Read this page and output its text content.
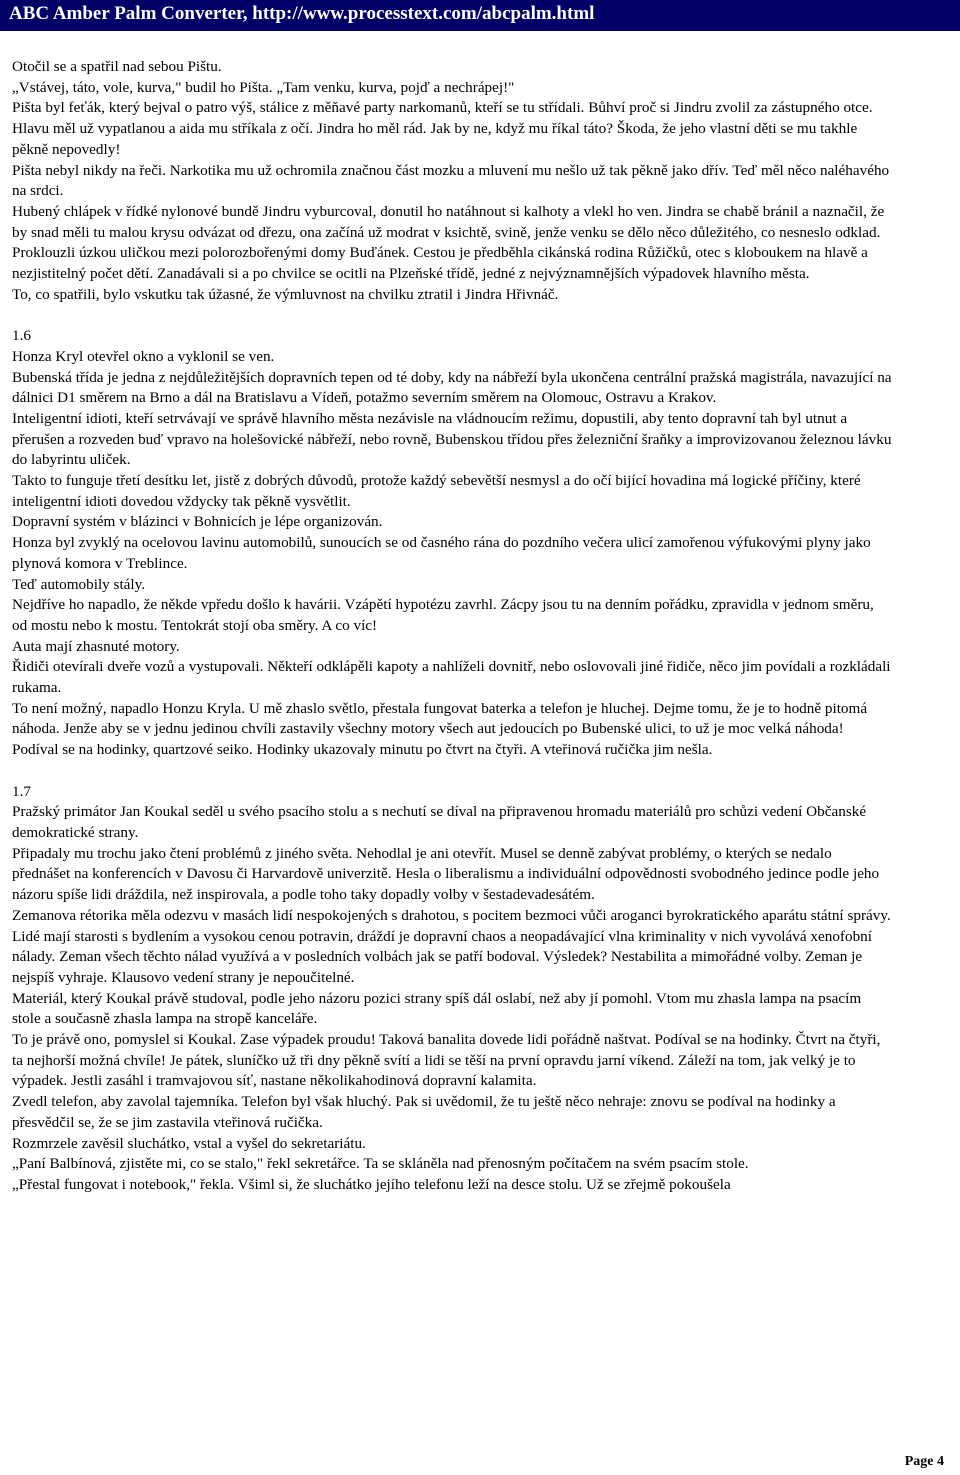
ABC Amber Palm Converter, http://www.processtext.com/abcpalm.html

Otočil se a spatřil nad sebou Pištu.

„Vstávej, táto, vole, kurva," budil ho Pišta. „Tam venku, kurva, pojď a nechrápej!"

Pišta byl feťák, který bejval o patro výš, stálice z měňavé party narkomanů, kteří se tu střídali. Bůhví proč si Jindru zvolil za zástupného otce.

Hlavu měl už vypatlanou a aida mu stříkala z očí. Jindra ho měl rád. Jak by ne, když mu říkal táto? Škoda, že jeho vlastní děti se mu takhle pěkně nepovedly!

Pišta nebyl nikdy na řeči. Narkotika mu už ochromila značnou část mozku a mluvení mu nešlo už tak pěkně jako dřív. Teď měl něco naléhavého na srdci.

Hubený chlápek v řídké nylonové bundě Jindru vyburcoval, donutil ho natáhnout si kalhoty a vlekl ho ven. Jindra se chabě bránil a naznačil, že by snad měli tu malou krysu odvázat od dřezu, ona začíná už modrat v ksichtě, svině, jenže venku se dělo něco důležitého, co nesneslo odklad.

Proklouzli úzkou uličkou mezi polorozbořenými domy Buďánek. Cestou je předběhla cikánská rodina Růžičků, otec s kloboukem na hlavě a nezjistitelný počet dětí. Zanadávali si a po chvilce se ocitli na Plzeňské třídě, jedné z nejvýznamnějších výpadovek hlavního města.

To, co spatřili, bylo vskutku tak úžasné, že výmluvnost na chvilku ztratil i Jindra Hřivnáč.

1.6

Honza Kryl otevřel okno a vyklonil se ven.

Bubenská třída je jedna z nejdůležitějších dopravních tepen od té doby, kdy na nábřeží byla ukončena centrální pražská magistrála, navazující na dálnici D1 směrem na Brno a dál na Bratislavu a Vídeň, potažmo severním směrem na Olomouc, Ostravu a Krakov.

Inteligentní idioti, kteří setrvávají ve správě hlavního města nezávisle na vládnoucím režimu, dopustili, aby tento dopravní tah byl utnut a přerušen a rozveden buď vpravo na holešovické nábřeží, nebo rovně, Bubenskou třídou přes železniční šraňky a improvizovanou železnou lávku do labyrintu uliček.

Takto to funguje třetí desítku let, jistě z dobrých důvodů, protože každý sebevětší nesmysl a do očí bijící hovadina má logické příčiny, které inteligentní idioti dovedou vždycky tak pěkně vysvětlit.

Dopravní systém v blázinci v Bohnicích je lépe organizován.

Honza byl zvyklý na ocelovou lavinu automobilů, sunoucích se od časného rána do pozdního večera ulicí zamořenou výfukovými plyny jako plynová komora v Treblince.

Teď automobily stály.

Nejdříve ho napadlo, že někde vpředu došlo k havárii. Vzápětí hypotézu zavrhl. Zácpy jsou tu na denním pořádku, zpravidla v jednom směru, od mostu nebo k mostu. Tentokrát stojí oba směry. A co víc!

Auta mají zhasnuté motory.

Řidiči otevírali dveře vozů a vystupovali. Někteří odklápěli kapoty a nahlíželi dovnitř, nebo oslovovali jiné řidiče, něco jim povídali a rozkládali rukama.

To není možný, napadlo Honzu Kryla. U mě zhaslo světlo, přestala fungovat baterka a telefon je hluchej. Dejme tomu, že je to hodně pitomá náhoda. Jenže aby se v jednu jedinou chvíli zastavily všechny motory všech aut jedoucích po Bubenské ulici, to už je moc velká náhoda!

Podíval se na hodinky, quartzové seiko. Hodinky ukazovaly minutu po čtvrt na čtyři. A vteřinová ručička jim nešla.

1.7

Pražský primátor Jan Koukal seděl u svého psacího stolu a s nechutí se díval na připravenou hromadu materiálů pro schůzi vedení Občanské demokratické strany.

Připadaly mu trochu jako čtení problémů z jiného světa. Nehodlal je ani otevřít. Musel se denně zabývat problémy, o kterých se nedalo přednášet na konferencích v Davosu či Harvardově univerzitě. Hesla o liberalismu a individuální odpovědnosti svobodného jedince podle jeho názoru spíše lidi dráždila, než inspirovala, a podle toho taky dopadly volby v šestadevadesátém.

Zemanova rétorika měla odezvu v masách lidí nespokojených s drahotou, s pocitem bezmoci vůči aroganci byrokratického aparátu státní správy. Lidé mají starosti s bydlením a vysokou cenou potravin, dráždí je dopravní chaos a neopadávající vlna kriminality v nich vyvolává xenofobní nálady. Zeman všech těchto nálad využívá a v posledních volbách jak se patří bodoval. Výsledek? Nestabilita a mimořádné volby. Zeman je nejspíš vyhraje. Klausovo vedení strany je nepoučitelné.

Materiál, který Koukal právě studoval, podle jeho názoru pozici strany spíš dál oslabí, než aby jí pomohl. Vtom mu zhasla lampa na psacím stole a současně zhasla lampa na stropě kanceláře.

To je právě ono, pomyslel si Koukal. Zase výpadek proudu! Taková banalita dovede lidi pořádně naštvat. Podíval se na hodinky. Čtvrt na čtyři, ta nejhorší možná chvíle! Je pátek, sluníčko už tři dny pěkně svítí a lidi se těší na první opravdu jarní víkend. Záleží na tom, jak velký je to výpadek. Jestli zasáhl i tramvajovou síť, nastane několikahodinová dopravní kalamita.

Zvedl telefon, aby zavolal tajemníka. Telefon byl však hluchý. Pak si uvědomil, že tu ještě něco nehraje: znovu se podíval na hodinky a přesvědčil se, že se jim zastavila vteřinová ručička.

Rozmrzele zavěsil sluchátko, vstal a vyšel do sekretariátu.

„Paní Balbínová, zjistěte mi, co se stalo," řekl sekretářce. Ta se skláněla nad přenosným počítačem na svém psacím stole.

„Přestal fungovat i notebook," řekla. Všiml si, že sluchátko jejího telefonu leží na desce stolu. Už se zřejmě pokoušela

Page 4
